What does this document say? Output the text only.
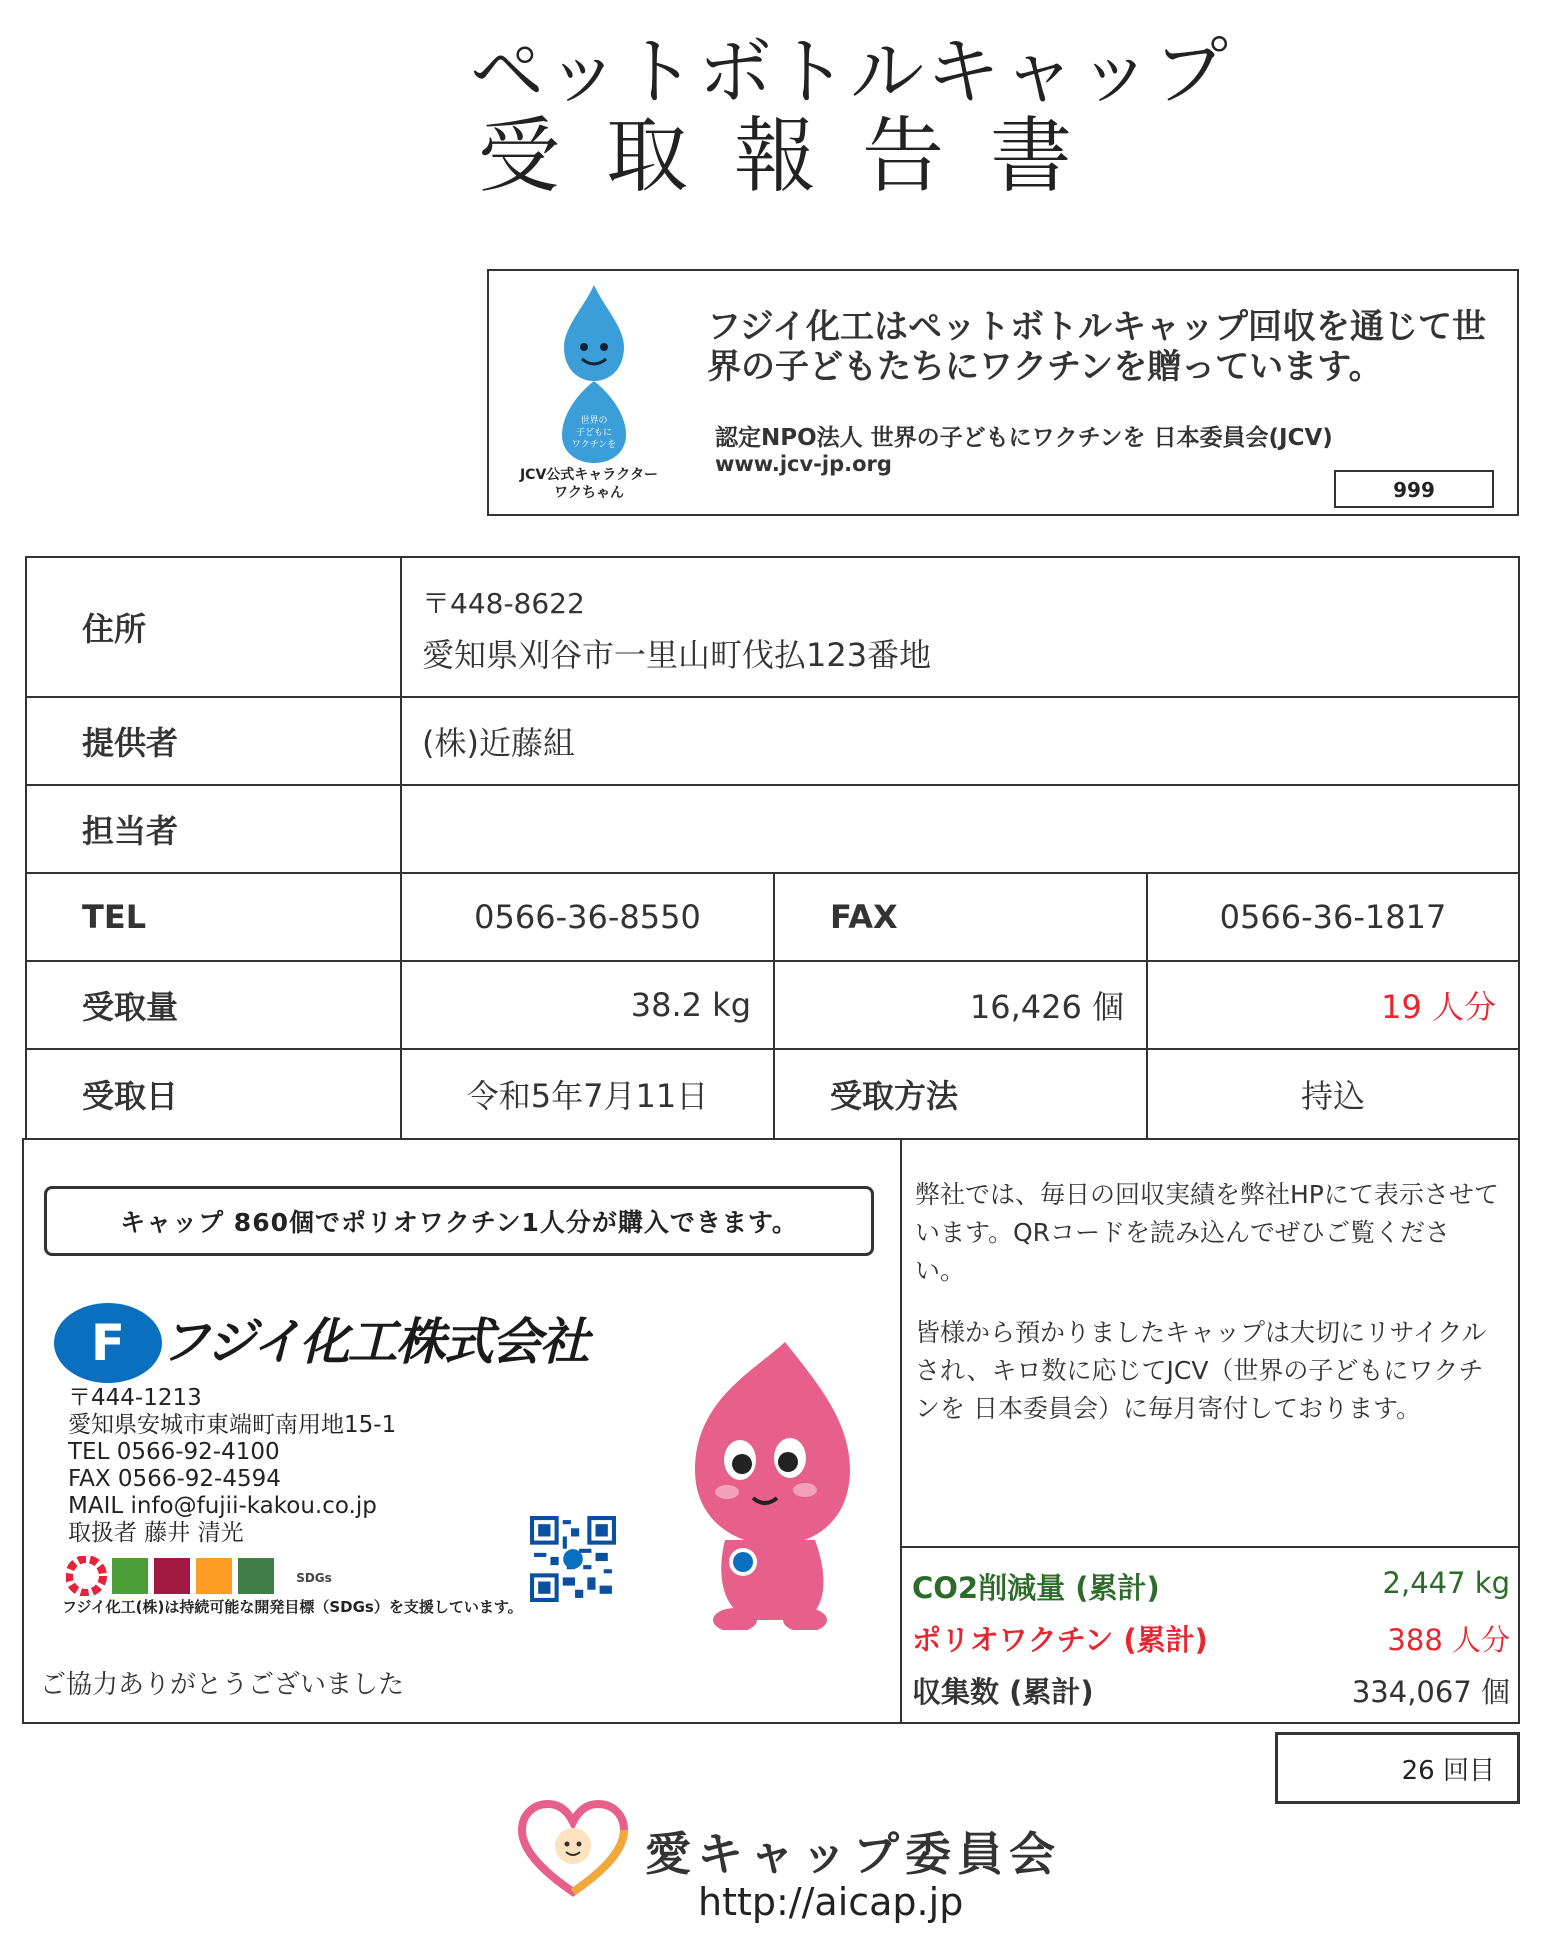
ペットボトルキャップ
受取報告書
世界の
子どもに
ワクチンを
JCV公式キャラクター
ワクちゃん
フジイ化工はペットボトルキャップ回収を通じて世界の子どもたちにワクチンを贈っています。
認定NPO法人 世界の子どもにワクチンを 日本委員会(JCV)
www.jcv-jp.org
999
住所
〒448-8622
愛知県刈谷市一里山町伐払123番地
提供者	(株)近藤組
担当者
TEL	0566-36-8550	FAX	0566-36-1817
受取量	38.2 kg	16,426 個	19 人分
受取日	令和5年7月11日	受取方法	持込
キャップ 860個でポリオワクチン1人分が購入できます。
F フジイ化工株式会社
〒444-1213
愛知県安城市東端町南用地15-1
TEL 0566-92-4100
FAX 0566-92-4594
MAIL info@fujii-kakou.co.jp
取扱者 藤井 清光
SDGs
フジイ化工(株)は持続可能な開発目標（SDGs）を支援しています。
ご協力ありがとうございました
弊社では、毎日の回収実績を弊社HPにて表示させています。QRコードを読み込んでぜひご覧ください。
皆様から預かりましたキャップは大切にリサイクルされ、キロ数に応じてJCV（世界の子どもにワクチンを 日本委員会）に毎月寄付しております。
CO2削減量 (累計)	2,447 kg
ポリオワクチン (累計)	388 人分
収集数 (累計)	334,067 個
26 回目
愛キャップ委員会
http://aicap.jp
